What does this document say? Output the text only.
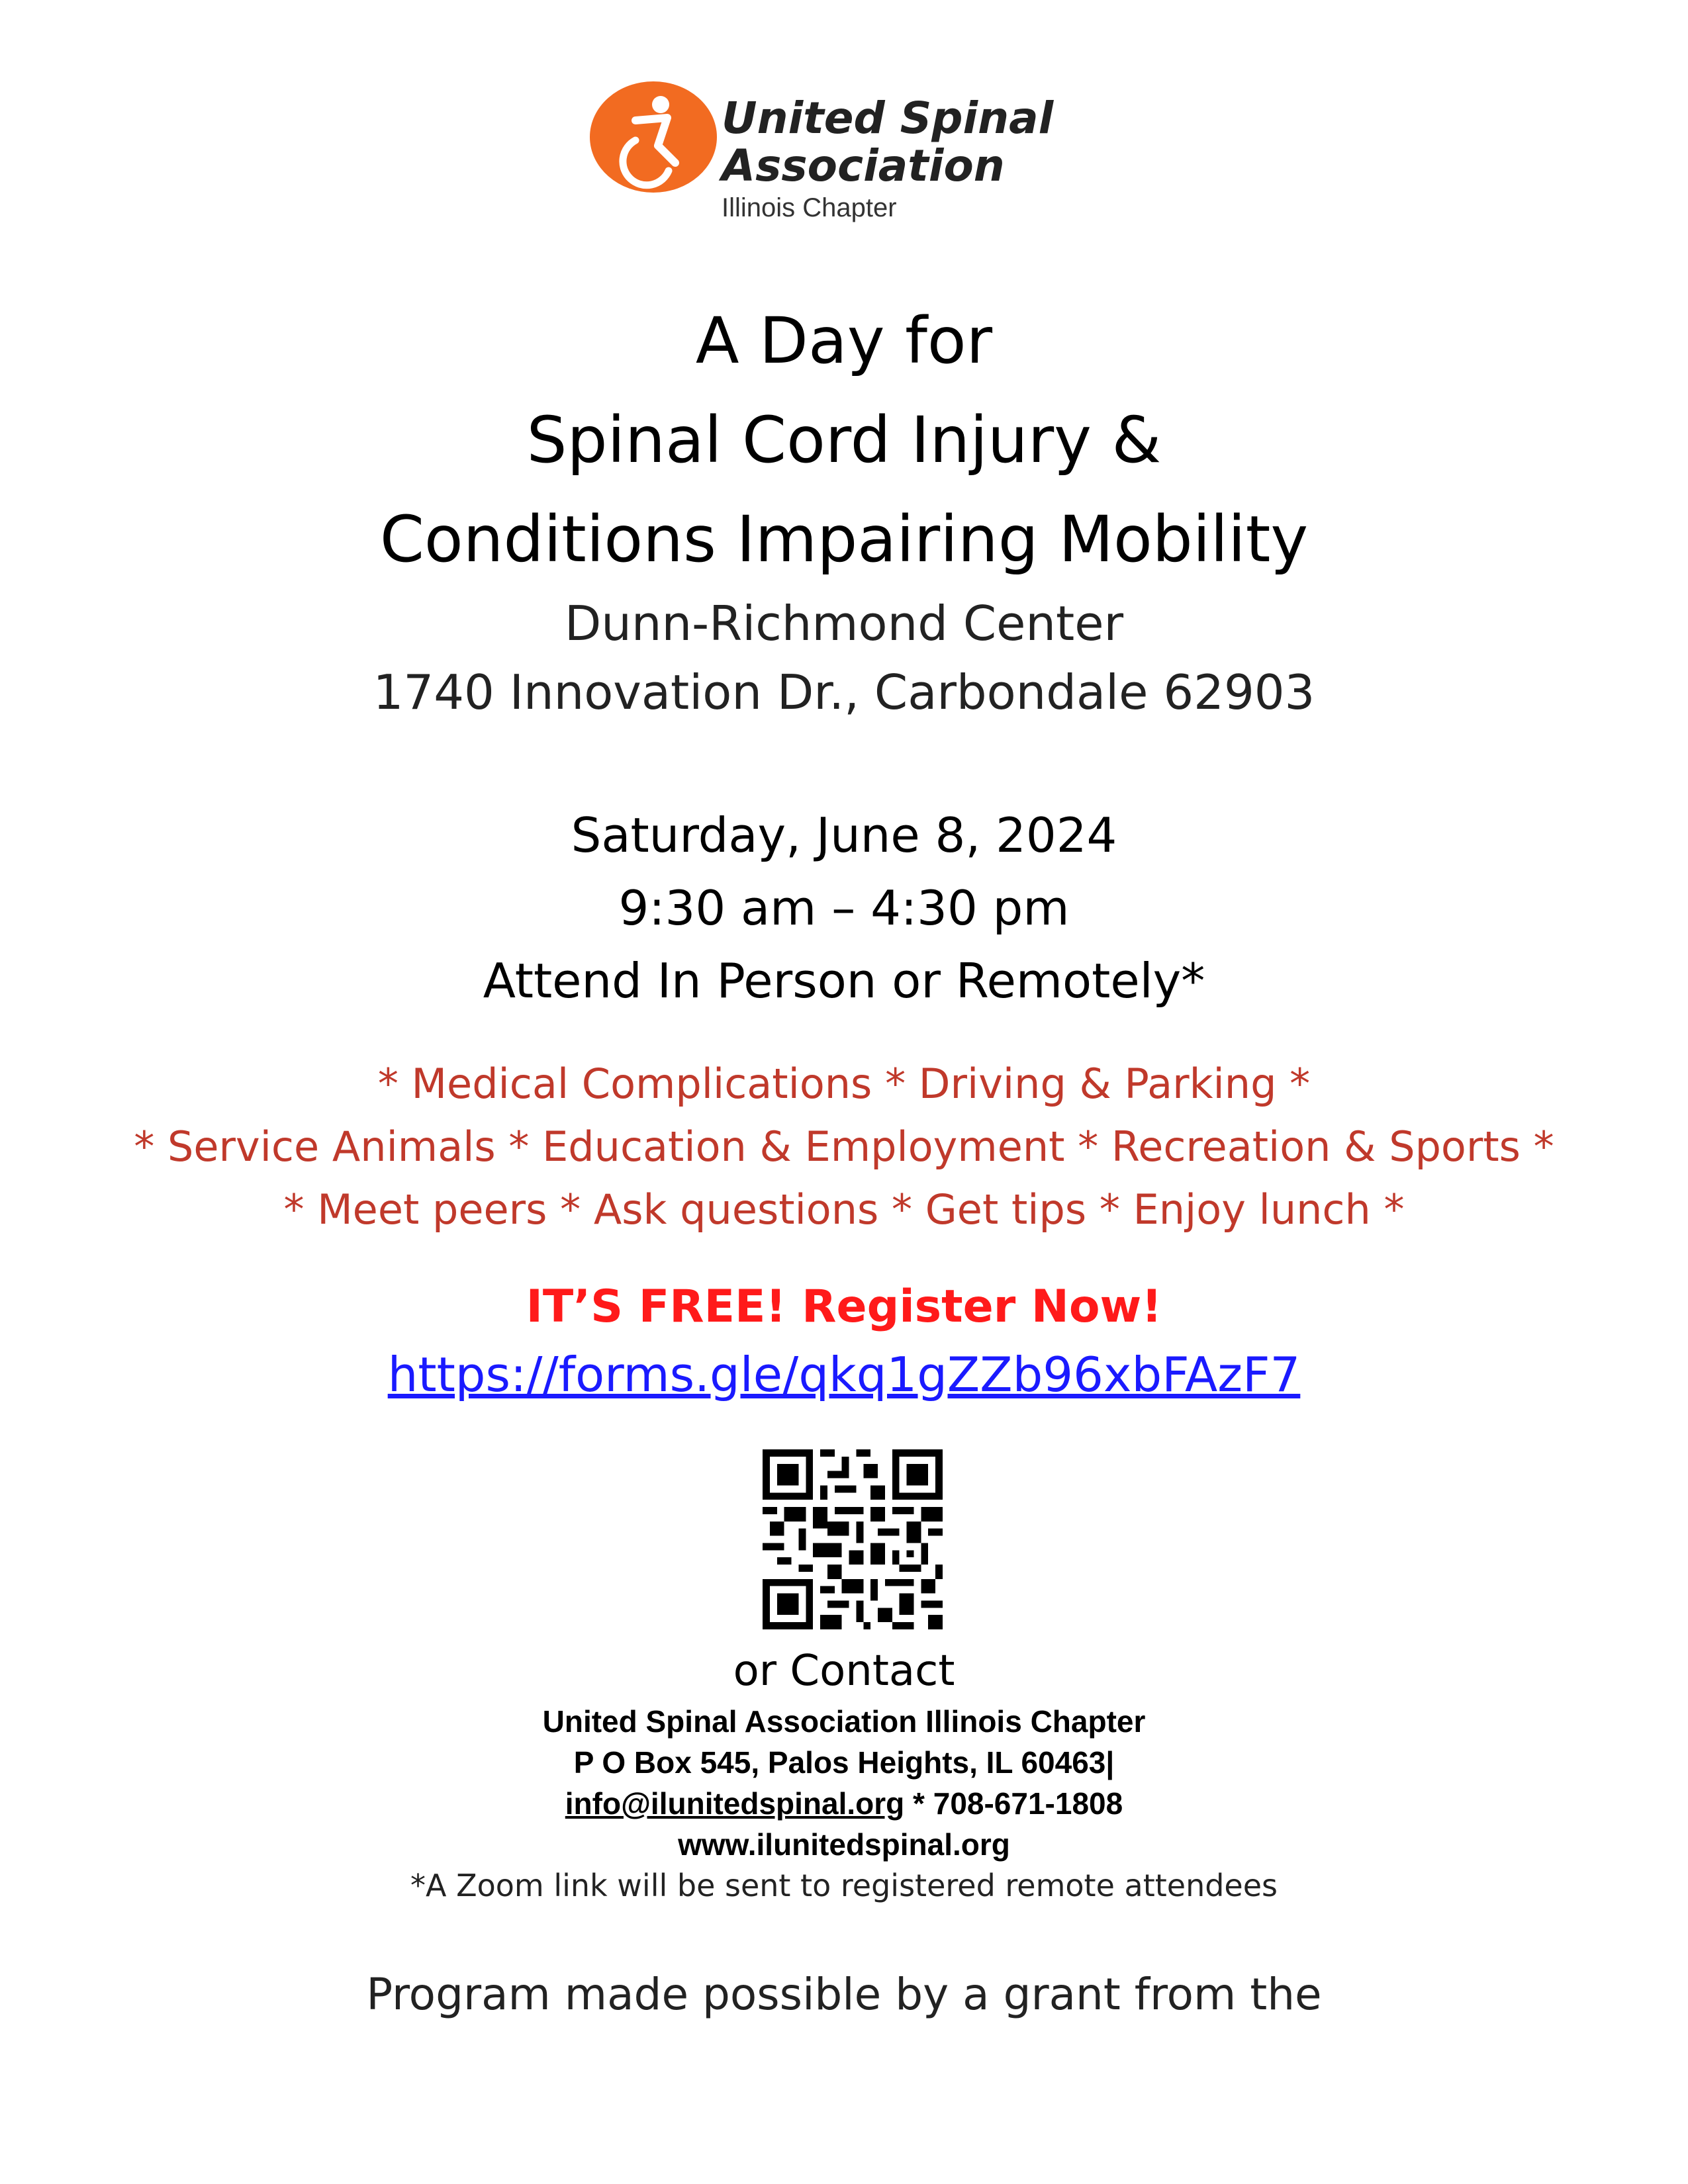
United Spinal
Association
Illinois Chapter
A Day for
Spinal Cord Injury &
Conditions Impairing Mobility
Dunn-Richmond Center
1740 Innovation Dr., Carbondale 62903
Saturday, June 8, 2024
9:30 am – 4:30 pm
Attend In Person or Remotely*
* Medical Complications * Driving & Parking *
* Service Animals * Education & Employment * Recreation & Sports *
* Meet peers * Ask questions * Get tips * Enjoy lunch *
IT’S FREE! Register Now!
https://forms.gle/qkq1gZZb96xbFAzF7
or Contact
United Spinal Association Illinois Chapter
P O Box 545, Palos Heights, IL 60463|
info@ilunitedspinal.org * 708-671-1808
www.ilunitedspinal.org
*A Zoom link will be sent to registered remote attendees
Program made possible by a grant from the
